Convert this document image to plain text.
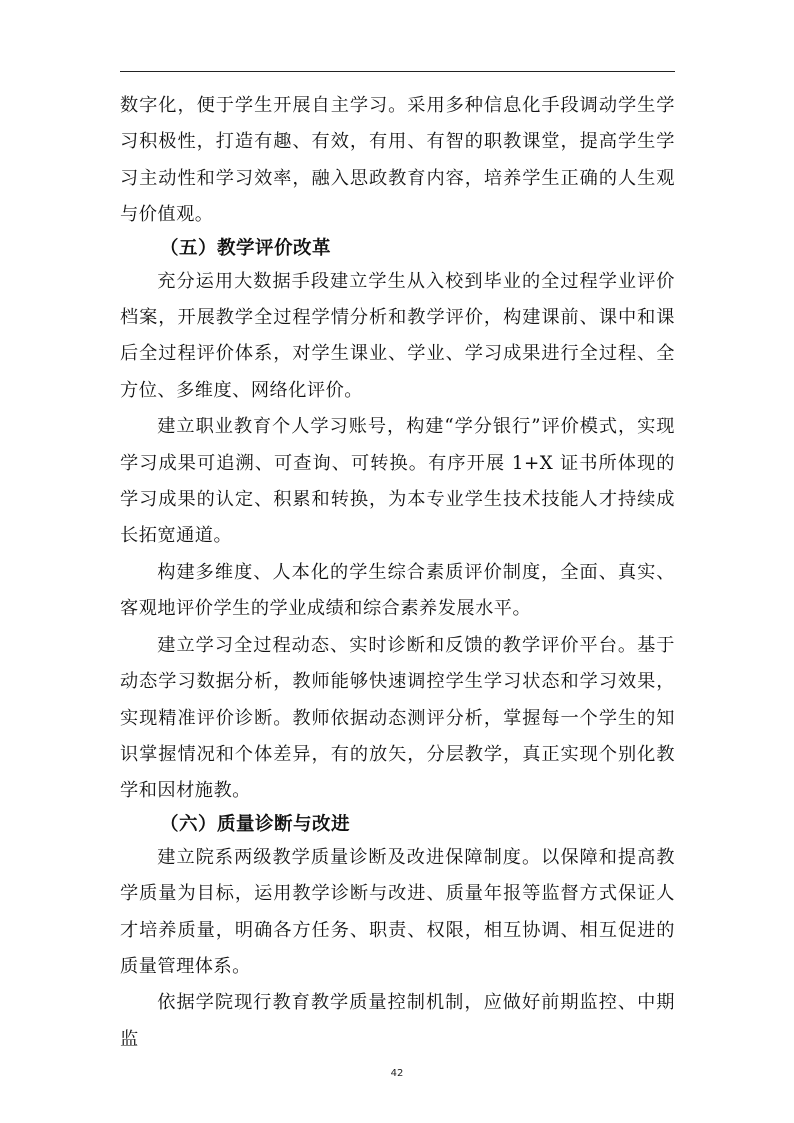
数字化，便于学生开展自主学习。采用多种信息化手段调动学生学习积极性，打造有趣、有效，有用、有智的职教课堂，提高学生学习主动性和学习效率，融入思政教育内容，培养学生正确的人生观与价值观。

（五）教学评价改革

充分运用大数据手段建立学生从入校到毕业的全过程学业评价档案，开展教学全过程学情分析和教学评价，构建课前、课中和课后全过程评价体系，对学生课业、学业、学习成果进行全过程、全方位、多维度、网络化评价。

建立职业教育个人学习账号，构建“学分银行”评价模式，实现学习成果可追溯、可查询、可转换。有序开展 1+X 证书所体现的学习成果的认定、积累和转换，为本专业学生技术技能人才持续成长拓宽通道。

构建多维度、人本化的学生综合素质评价制度，全面、真实、客观地评价学生的学业成绩和综合素养发展水平。

建立学习全过程动态、实时诊断和反馈的教学评价平台。基于动态学习数据分析，教师能够快速调控学生学习状态和学习效果，实现精准评价诊断。教师依据动态测评分析，掌握每一个学生的知识掌握情况和个体差异，有的放矢，分层教学，真正实现个别化教学和因材施教。

（六）质量诊断与改进

建立院系两级教学质量诊断及改进保障制度。以保障和提高教学质量为目标，运用教学诊断与改进、质量年报等监督方式保证人才培养质量，明确各方任务、职责、权限，相互协调、相互促进的质量管理体系。

依据学院现行教育教学质量控制机制，应做好前期监控、中期监

42
